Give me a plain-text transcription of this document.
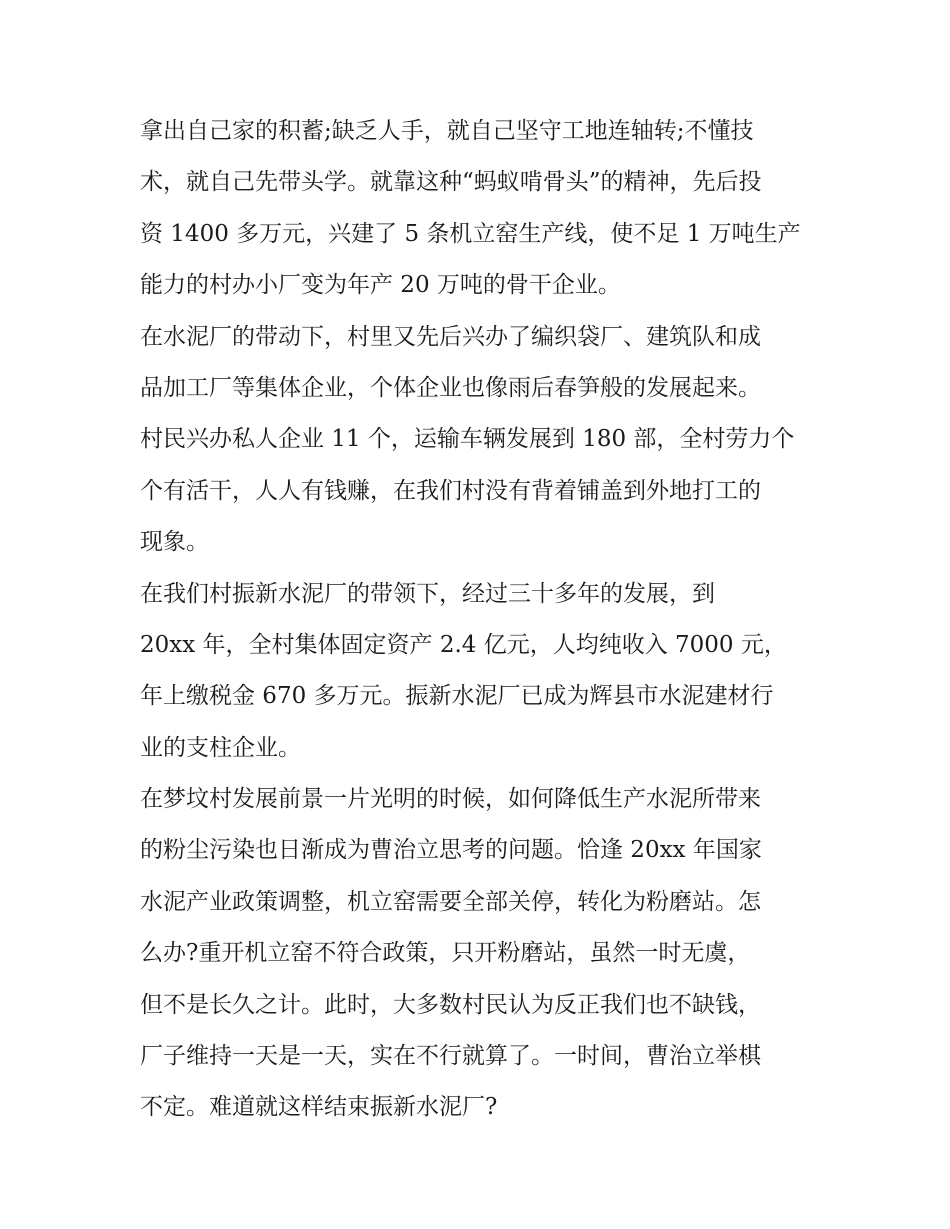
拿出自己家的积蓄;缺乏人手，就自己坚守工地连轴转;不懂技
术，就自己先带头学。就靠这种“蚂蚁啃骨头”的精神，先后投
资 1400 多万元，兴建了 5 条机立窑生产线，使不足 1 万吨生产
能力的村办小厂变为年产 20 万吨的骨干企业。
在水泥厂的带动下，村里又先后兴办了编织袋厂、建筑队和成
品加工厂等集体企业，个体企业也像雨后春笋般的发展起来。
村民兴办私人企业 11 个，运输车辆发展到 180 部，全村劳力个
个有活干，人人有钱赚，在我们村没有背着铺盖到外地打工的
现象。
在我们村振新水泥厂的带领下，经过三十多年的发展，到
20xx 年，全村集体固定资产 2.4 亿元，人均纯收入 7000 元，
年上缴税金 670 多万元。振新水泥厂已成为辉县市水泥建材行
业的支柱企业。
在梦坟村发展前景一片光明的时候，如何降低生产水泥所带来
的粉尘污染也日渐成为曹治立思考的问题。恰逢 20xx 年国家
水泥产业政策调整，机立窑需要全部关停，转化为粉磨站。怎
么办?重开机立窑不符合政策，只开粉磨站，虽然一时无虞，
但不是长久之计。此时，大多数村民认为反正我们也不缺钱，
厂子维持一天是一天，实在不行就算了。一时间，曹治立举棋
不定。难道就这样结束振新水泥厂?
